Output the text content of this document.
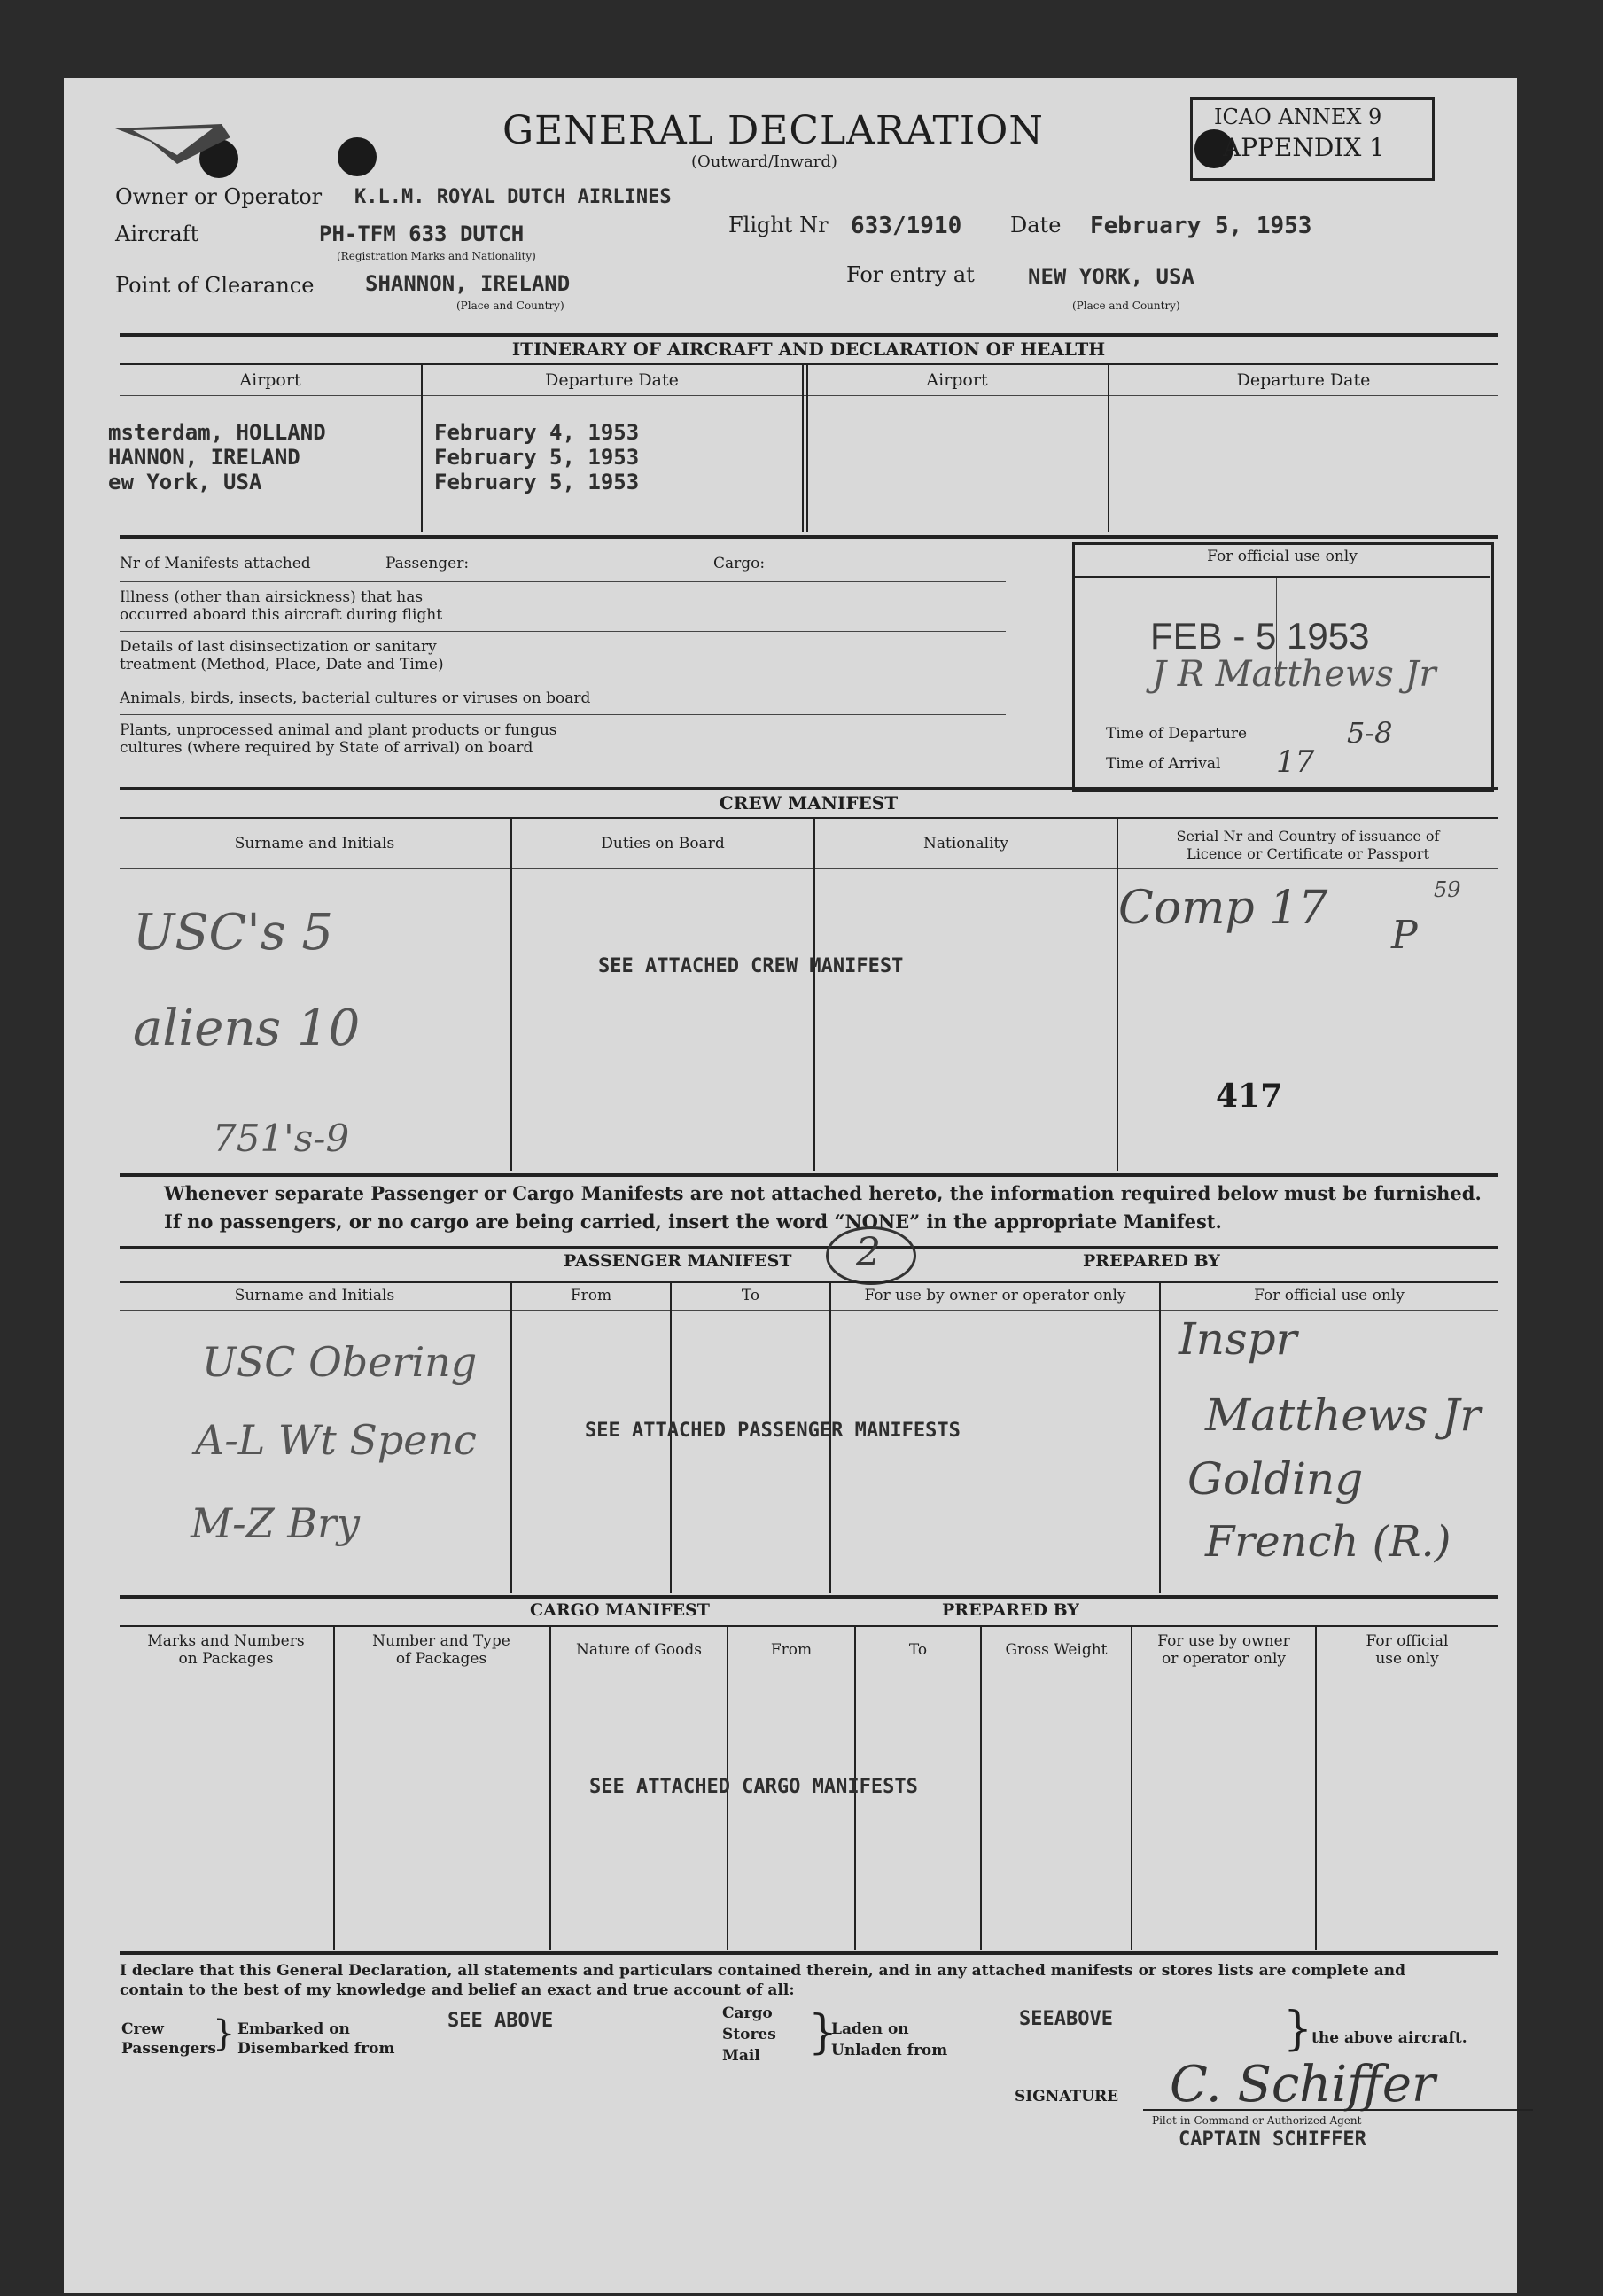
GENERAL DECLARATION
(Outward/Inward)
ICAO ANNEX 9
APPENDIX 1
Owner or Operator K.L.M. ROYAL DUTCH AIRLINES
Aircraft	PH-TFM 633 DUTCH
(Registration Marks and Nationality)
Flight Nr 633/1910 Date February 5, 1953
Point of Clearance SHANNON, IRELAND
(Place and Country)
For entry at	NEW YORK, USA
(Place and Country)
ITINERARY OF AIRCRAFT AND DECLARATION OF HEALTH
Airport	Departure Date	Airport	Departure Date
msterdam, HOLLAND	February 4, 1953
HANNON, IRELAND	February 5, 1953
ew York, USA	February 5, 1953
Nr of Manifests attached	Passenger:	Cargo:
Illness (other than airsickness) that has
occurred aboard this aircraft during flight
Details of last disinsectization or sanitary
treatment (Method, Place, Date and Time)
Animals, birds, insects, bacterial cultures or viruses on board
Plants, unprocessed animal and plant products or fungus
cultures (where required by State of arrival) on board
For official use only
FEB - 5 1953
J R Matthews Jr
Time of Departure	5-8
Time of Arrival 17
CREW MANIFEST
Surname and Initials	Duties on Board	Nationality	Serial Nr and Country of issuance of
Licence or Certificate or Passport
SEE ATTACHED CREW MANIFEST
USC's 5
aliens 10
751's-9
Comp 17	59
P
417
Whenever separate Passenger or Cargo Manifests are not attached hereto, the information required below must be furnished.
If no passengers, or no cargo are being carried, insert the word “NONE” in the appropriate Manifest.
PASSENGER MANIFEST 2	PREPARED BY
Surname and Initials	From	To	For use by owner or operator only	For official use only
SEE ATTACHED PASSENGER MANIFESTS
USC Obering
A-L Wt Spenc
M-Z Bry
Inspr
Matthews Jr
Golding
French (R.)
CARGO MANIFEST	PREPARED BY
Marks and Numbers
on Packages
Number and Type
of Packages	Nature of Goods	From	To	Gross Weight	For use by owner
or operator only
For official
use only
SEE ATTACHED CARGO MANIFESTS
I declare that this General Declaration, all statements and particulars contained therein, and in any attached manifests or stores lists are complete and
contain to the best of my knowledge and belief an exact and true account of all:
Crew
Passengers
} Embarked on
Disembarked from
SEE ABOVE	Cargo
Stores
Mail }
Laden on
Unladen from
SEEABOVE	}
the above aircraft.
SIGNATURE C. Schiffer
Pilot-in-Command or Authorized Agent
CAPTAIN SCHIFFER
